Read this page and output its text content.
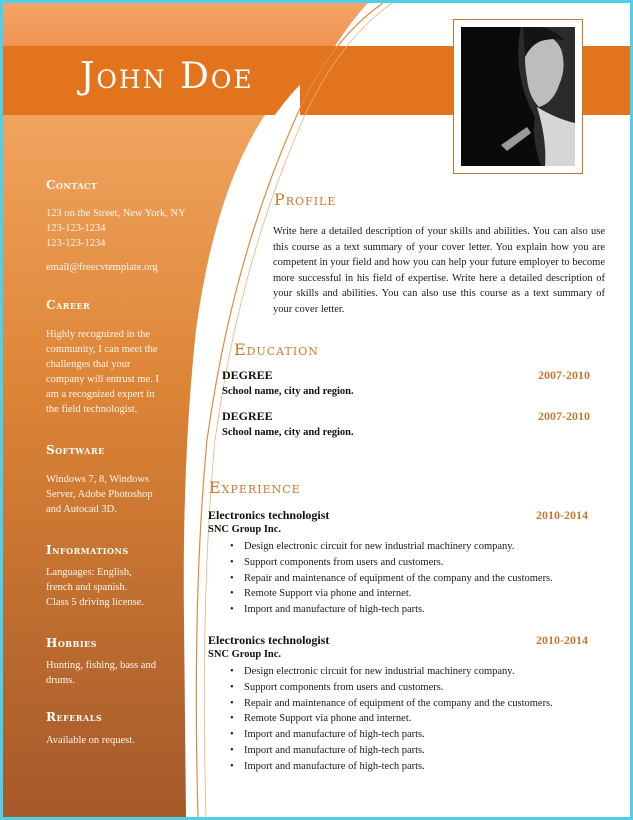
John Doe
Contact
123 on the Street, New York, NY
123-123-1234
123-123-1234
email@freecvtemplate.org
Career
Highly recognized in the
community, I can meet the
challenges that your
company will entrust me. I
am a recognized expert in
the field technologist.
Software
Windows 7, 8, Windows
Server, Adobe Photoshop
and Autocad 3D.
Informations
Languages: English,
french and spanish.
Class 5 driving license.
Hobbies
Hunting, fishing, bass and
drums.
Referals
Available on request.
Profile

Write here a detailed description of your skills and abilities. You can also use this course as a text summary of your cover letter. You explain how you are competent in your field and how you can help your future employer to become more successful in his field of expertise. Write here a detailed description of your skills and abilities. You can also use this course as a text summary of your cover letter.

Education
DEGREE	2007-2010
School name, city and region.
DEGREE	2007-2010
School name, city and region.
Experience
Electronics technologist	2010-2014
SNC Group Inc.
• Design electronic circuit for new industrial machinery company.
• Support components from users and customers.
• Repair and maintenance of equipment of the company and the customers.
• Remote Support via phone and internet.
• Import and manufacture of high-tech parts.
Electronics technologist	2010-2014
SNC Group Inc.
• Design electronic circuit for new industrial machinery company.
• Support components from users and customers.
• Repair and maintenance of equipment of the company and the customers.
• Remote Support via phone and internet.
• Import and manufacture of high-tech parts.
• Import and manufacture of high-tech parts.
• Import and manufacture of high-tech parts.
